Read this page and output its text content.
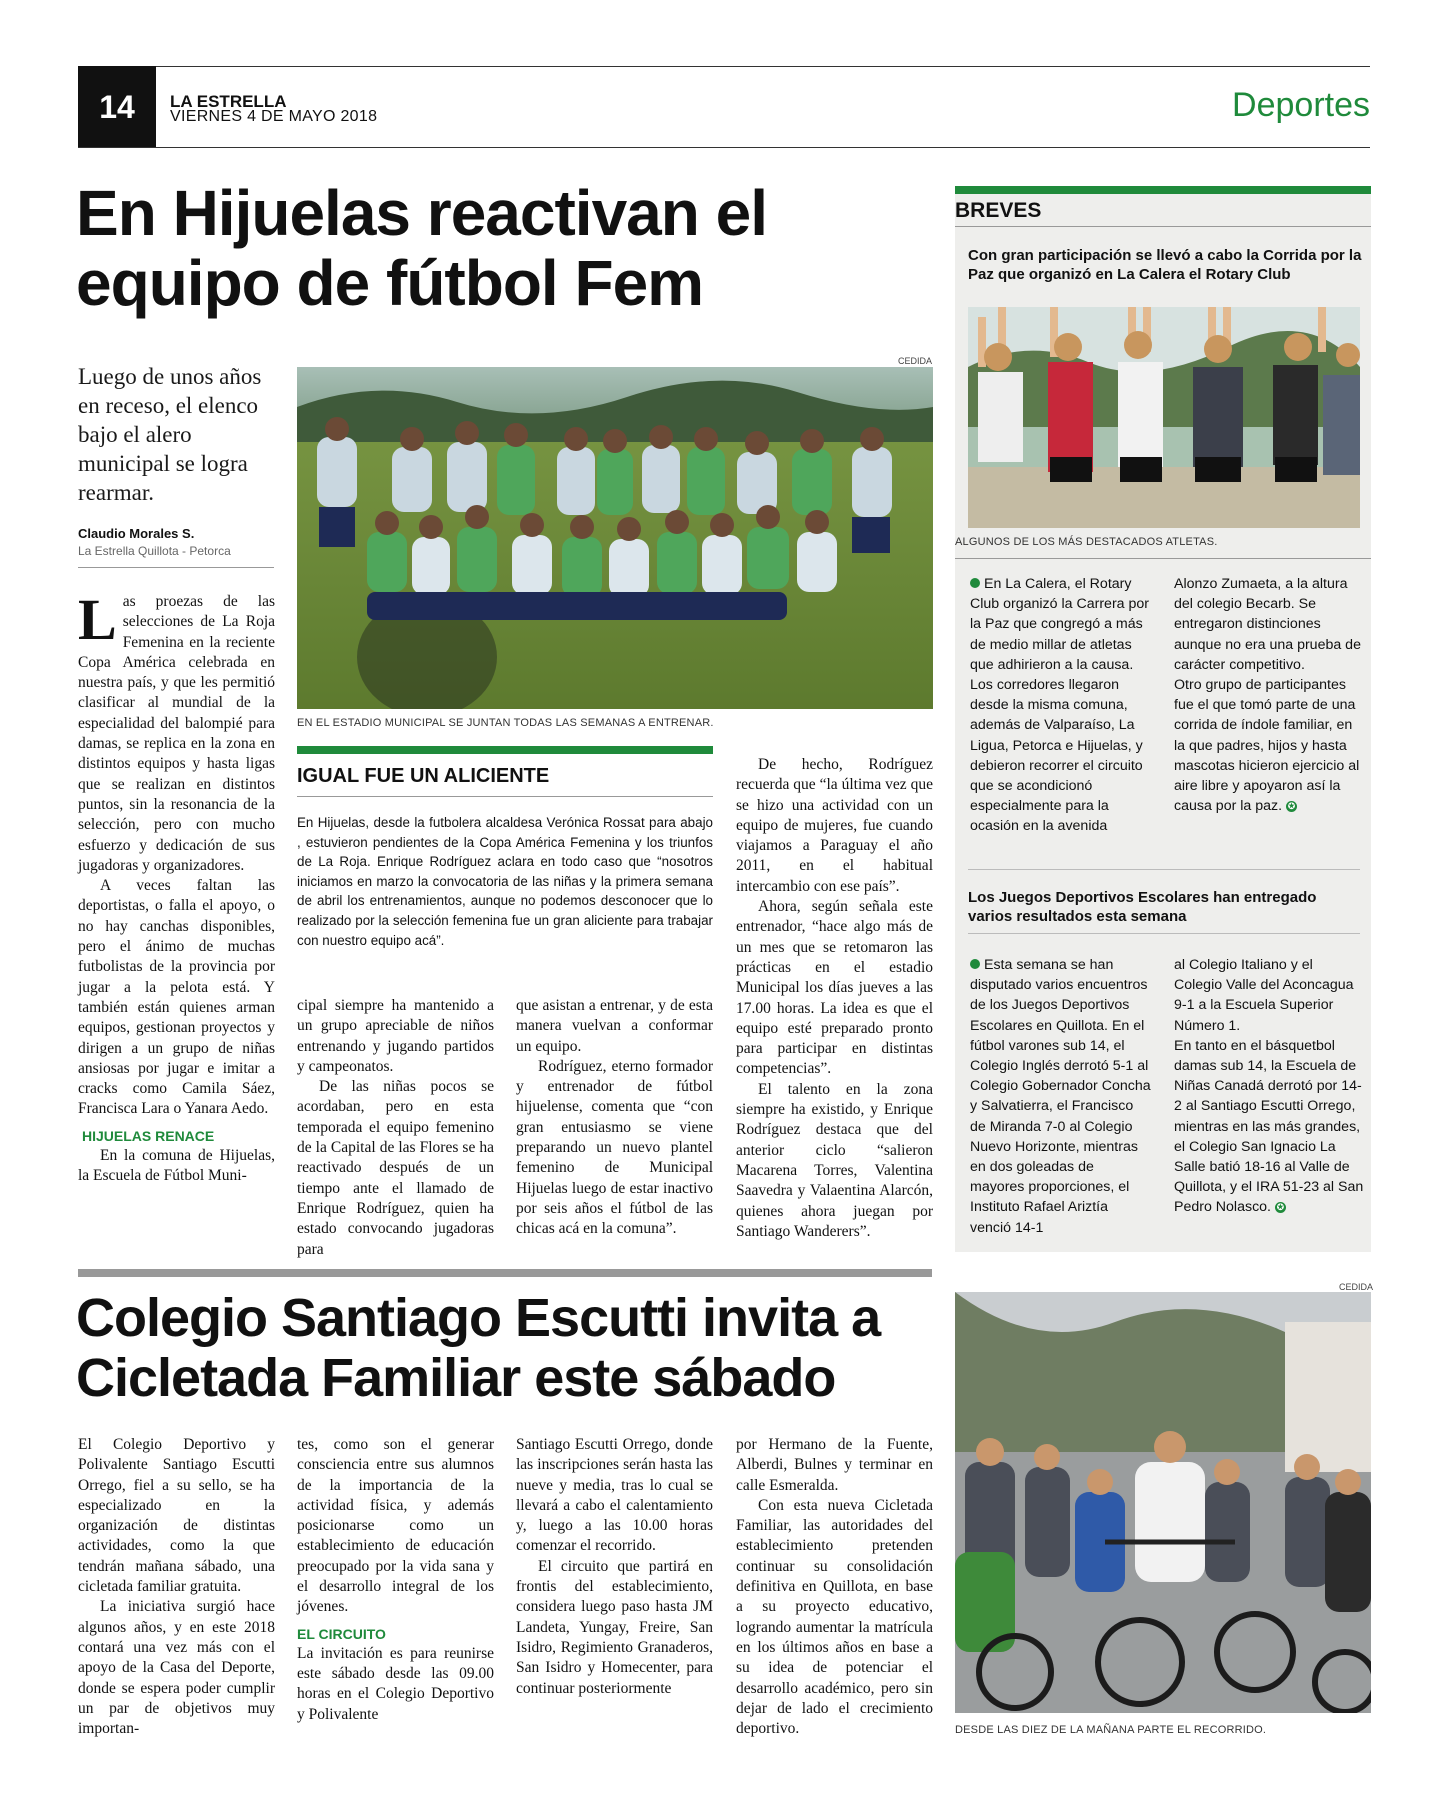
14	LA ESTRELLA
VIERNES 4 DE MAYO 2018	Deportes
En Hijuelas reactivan el
equipo de fútbol Fem
Luego de unos años en receso, el elenco bajo el alero municipal se logra rearmar.
Claudio Morales S.
La Estrella Quillota - Petorca

Las proezas de las selecciones de La Roja Femenina en la reciente Copa América celebrada en nuestra país, y que les permitió clasificar al mundial de la especialidad del balompié para damas, se replica en la zona en distintos equipos y hasta ligas que se realizan en distintos puntos, sin la resonancia de la selección, pero con mucho esfuerzo y dedicación de sus jugadoras y organizadores.

A veces faltan las deportistas, o falla el apoyo, o no hay canchas disponibles, pero el ánimo de muchas futbolistas de la provincia por jugar a la pelota está. Y también están quienes arman equipos, gestionan proyectos y dirigen a un grupo de niñas ansiosas por jugar e imitar a cracks como Camila Sáez, Francisca Lara o Yanara Aedo.

HIJUELAS RENACE

En la comuna de Hijuelas, la Escuela de Fútbol Muni-

CEDIDA
EN EL ESTADIO MUNICIPAL SE JUNTAN TODAS LAS SEMANAS A ENTRENAR.
IGUAL FUE UN ALICIENTE
En Hijuelas, desde la futbolera alcaldesa Verónica Rossat para abajo , estuvieron pendientes de la Copa América Femenina y los triunfos de La Roja. Enrique Rodríguez aclara en todo caso que “nosotros iniciamos en marzo la convocatoria de las niñas y la primera semana de abril los entrenamientos, aunque no podemos desconocer que lo realizado por la selección femenina fue un gran aliciente para trabajar con nuestro equipo acá”.

cipal siempre ha mantenido a un grupo apreciable de niños entrenando y jugando partidos y campeonatos.

De las niñas pocos se acordaban, pero en esta temporada el equipo femenino de la Capital de las Flores se ha reactivado después de un tiempo ante el llamado de Enrique Rodríguez, quien ha estado convocando jugadoras para

que asistan a entrenar, y de esta manera vuelvan a conformar un equipo.

Rodríguez, eterno formador y entrenador de fútbol hijuelense, comenta que “con gran entusiasmo se viene preparando un nuevo plantel femenino de Municipal Hijuelas luego de estar inactivo por seis años el fútbol de las chicas acá en la comuna”.

De hecho, Rodríguez recuerda que “la última vez que se hizo una actividad con un equipo de mujeres, fue cuando viajamos a Paraguay el año 2011, en el habitual intercambio con ese país”.

Ahora, según señala este entrenador, “hace algo más de un mes que se retomaron las prácticas en el estadio Municipal los días jueves a las 17.00 horas. La idea es que el equipo esté preparado pronto para participar en distintas competencias”.

El talento en la zona siempre ha existido, y Enrique Rodríguez destaca que del anterior ciclo “salieron Macarena Torres, Valentina Saavedra y Valaentina Alarcón, quienes ahora juegan por Santiago Wanderers”.

BREVES
Con gran participación se llevó a cabo la Corrida por la Paz que organizó en La Calera el Rotary Club
ALGUNOS DE LOS MÁS DESTACADOS ATLETAS.
En La Calera, el Rotary Club organizó la Carrera por la Paz que congregó a más de medio millar de atletas que adhirieron a la causa.
Los corredores llegaron desde la misma comuna, además de Valparaíso, La Ligua, Petorca e Hijuelas, y debieron recorrer el circuito que se acondicionó especialmente para la ocasión en la avenida
Alonzo Zumaeta, a la altura del colegio Becarb. Se entregaron distinciones aunque no era una prueba de carácter competitivo.
Otro grupo de participantes fue el que tomó parte de una corrida de índole familiar, en la que padres, hijos y hasta mascotas hicieron ejercicio al aire libre y apoyaron así la causa por la paz. ✪
Los Juegos Deportivos Escolares han entregado varios resultados esta semana
Esta semana se han disputado varios encuentros de los Juegos Deportivos Escolares en Quillota. En el fútbol varones sub 14, el Colegio Inglés derrotó 5-1 al Colegio Gobernador Concha y Salvatierra, el Francisco de Miranda 7-0 al Colegio Nuevo Horizonte, mientras en dos goleadas de mayores proporciones, el Instituto Rafael Ariztía venció 14-1
al Colegio Italiano y el Colegio Valle del Aconcagua 9-1 a la Escuela Superior Número 1.
En tanto en el básquetbol damas sub 14, la Escuela de Niñas Canadá derrotó por 14-2 al Santiago Escutti Orrego, mientras en las más grandes, el Colegio San Ignacio La Salle batió 18-16 al Valle de Quillota, y el IRA 51-23 al San Pedro Nolasco. ✪
Colegio Santiago Escutti invita a
Cicletada Familiar este sábado

El Colegio Deportivo y Polivalente Santiago Escutti Orrego, fiel a su sello, se ha especializado en la organización de distintas actividades, como la que tendrán mañana sábado, una cicletada familiar gratuita.

La iniciativa surgió hace algunos años, y en este 2018 contará una vez más con el apoyo de la Casa del Deporte, donde se espera poder cumplir un par de objetivos muy importan-

tes, como son el generar consciencia entre sus alumnos de la importancia de la actividad física, y además posicionarse como un establecimiento de educación preocupado por la vida sana y el desarrollo integral de los jóvenes.

EL CIRCUITO

La invitación es para reunirse este sábado desde las 09.00 horas en el Colegio Deportivo y Polivalente

Santiago Escutti Orrego, donde las inscripciones serán hasta las nueve y media, tras lo cual se llevará a cabo el calentamiento y, luego a las 10.00 horas comenzar el recorrido.

El circuito que partirá en frontis del establecimiento, considera luego paso hasta JM Landeta, Yungay, Freire, San Isidro, Regimiento Granaderos, San Isidro y Homecenter, para continuar posteriormente

por Hermano de la Fuente, Alberdi, Bulnes y terminar en calle Esmeralda.

Con esta nueva Cicletada Familiar, las autoridades del establecimiento pretenden continuar su consolidación definitiva en Quillota, en base a su proyecto educativo, logrando aumentar la matrícula en los últimos años en base a su idea de potenciar el desarrollo académico, pero sin dejar de lado el crecimiento deportivo.

CEDIDA
DESDE LAS DIEZ DE LA MAÑANA PARTE EL RECORRIDO.
